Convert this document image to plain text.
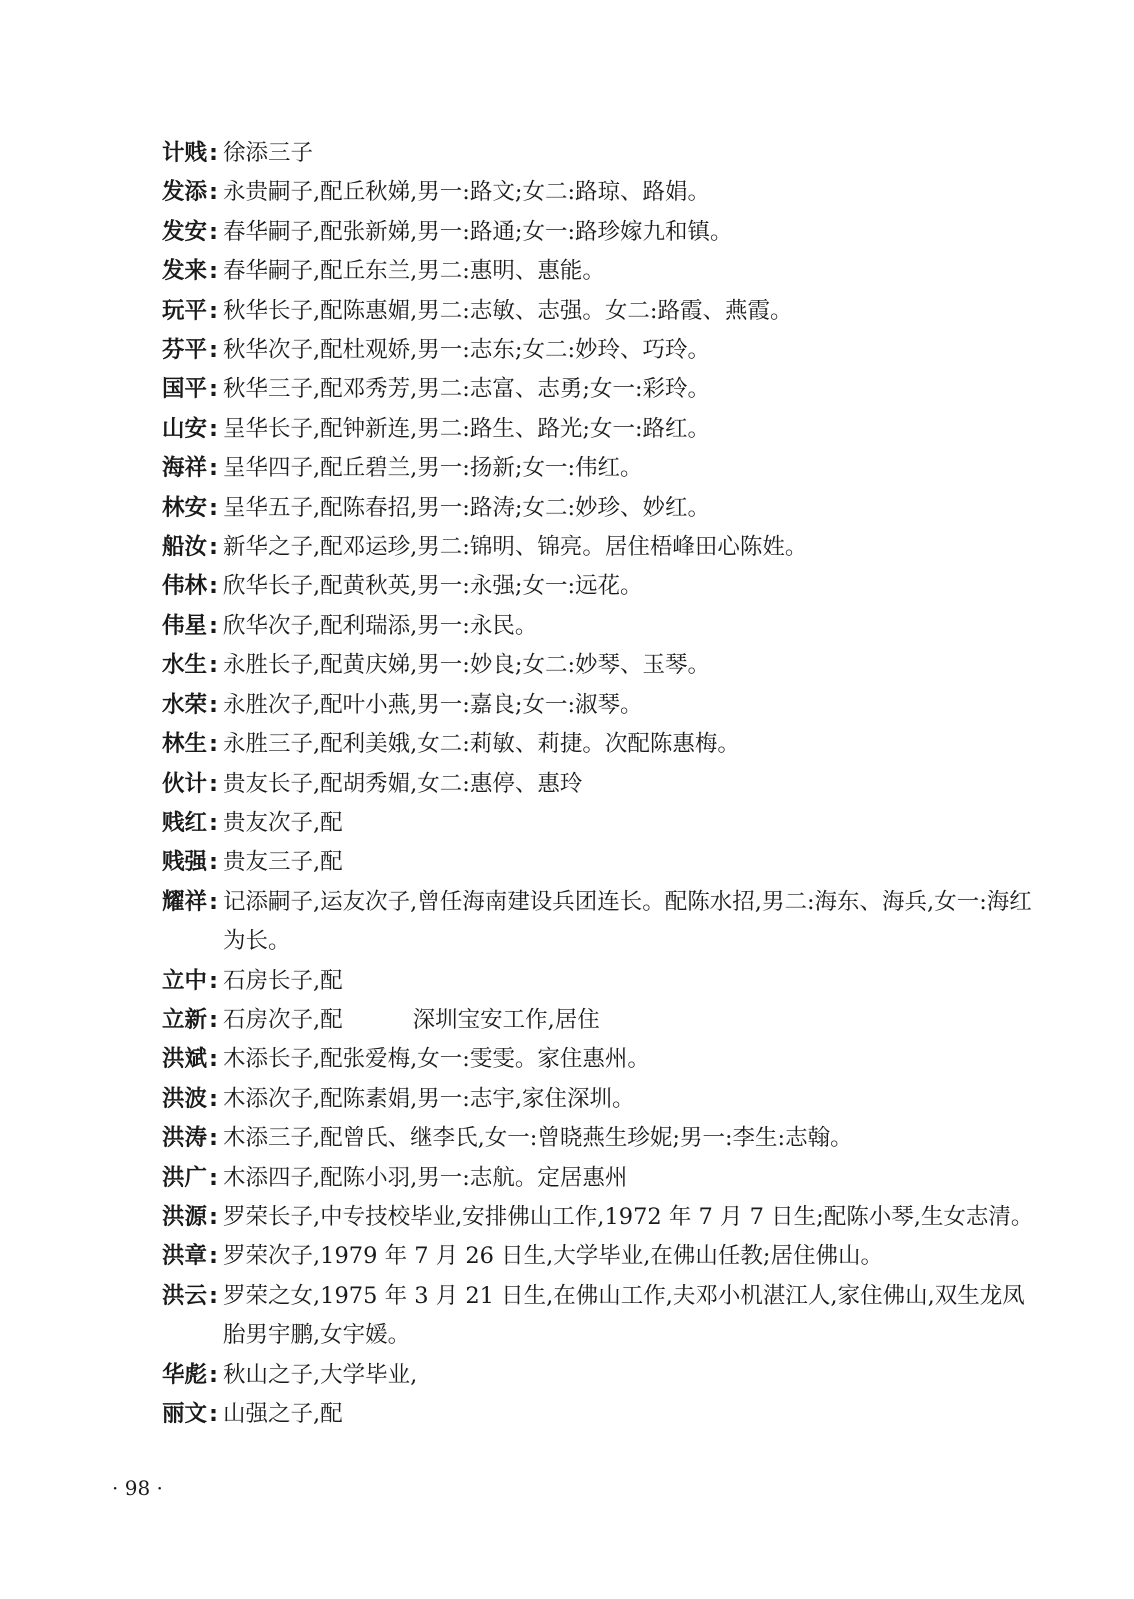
计贱 : 徐添三子
发添 : 永贵嗣子,配丘秋娣,男一:路文;女二:路琼、路娟。
发安 : 春华嗣子,配张新娣,男一:路通;女一:路珍嫁九和镇。
发来 : 春华嗣子,配丘东兰,男二:惠明、惠能。
玩平 : 秋华长子,配陈惠媚,男二:志敏、志强。女二:路霞、燕霞。
芬平 : 秋华次子,配杜观娇,男一:志东;女二:妙玲、巧玲。
国平 : 秋华三子,配邓秀芳,男二:志富、志勇;女一:彩玲。
山安 : 呈华长子,配钟新连,男二:路生、路光;女一:路红。
海祥 : 呈华四子,配丘碧兰,男一:扬新;女一:伟红。
林安 : 呈华五子,配陈春招,男一:路涛;女二:妙珍、妙红。
船汝 : 新华之子,配邓运珍,男二:锦明、锦亮。居住梧峰田心陈姓。
伟林 : 欣华长子,配黄秋英,男一:永强;女一:远花。
伟星 : 欣华次子,配利瑞添,男一:永民。
水生 : 永胜长子,配黄庆娣,男一:妙良;女二:妙琴、玉琴。
水荣 : 永胜次子,配叶小燕,男一:嘉良;女一:淑琴。
林生 : 永胜三子,配利美娥,女二:莉敏、莉捷。次配陈惠梅。
伙计 : 贵友长子,配胡秀媚,女二:惠停、惠玲
贱红 : 贵友次子,配
贱强 : 贵友三子,配
耀祥 : 记添嗣子,运友次子,曾任海南建设兵团连长。配陈水招,男二:海东、海兵,女一:海红为长。
立中 : 石房长子,配
立新 : 石房次子,配	深圳宝安工作,居住
洪斌 : 木添长子,配张爱梅,女一:雯雯。家住惠州。
洪波 : 木添次子,配陈素娟,男一:志宇,家住深圳。
洪涛 : 木添三子,配曾氏、继李氏,女一:曾晓燕生珍妮;男一:李生:志翰。
洪广 : 木添四子,配陈小羽,男一:志航。定居惠州
洪源 : 罗荣长子,中专技校毕业,安排佛山工作,1972 年 7 月 7 日生;配陈小琴,生女志清。
洪章 : 罗荣次子,1979 年 7 月 26 日生,大学毕业,在佛山任教;居住佛山。
洪云 : 罗荣之女,1975 年 3 月 21 日生,在佛山工作,夫邓小机湛江人,家住佛山,双生龙凤胎男宇鹏,女宇媛。
华彪 : 秋山之子,大学毕业,
丽文 : 山强之子,配
· 98 ·
